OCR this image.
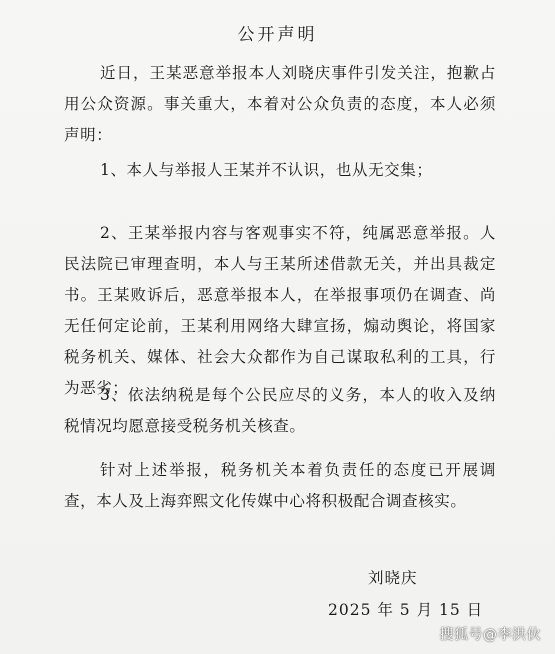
公开声明

近日，王某恶意举报本人刘晓庆事件引发关注，抱歉占用公众资源。事关重大，本着对公众负责的态度，本人必须声明：

1、本人与举报人王某并不认识，也从无交集；

2、王某举报内容与客观事实不符，纯属恶意举报。人民法院已审理查明，本人与王某所述借款无关，并出具裁定书。王某败诉后，恶意举报本人，在举报事项仍在调查、尚无任何定论前，王某利用网络大肆宣扬，煽动舆论，将国家税务机关、媒体、社会大众都作为自己谋取私利的工具，行为恶劣；

3、依法纳税是每个公民应尽的义务，本人的收入及纳税情况均愿意接受税务机关核查。

针对上述举报，税务机关本着负责任的态度已开展调查，本人及上海弈熙文化传媒中心将积极配合调查核实。

刘晓庆
2025 年 5 月 15 日
搜狐号@李洪伙
